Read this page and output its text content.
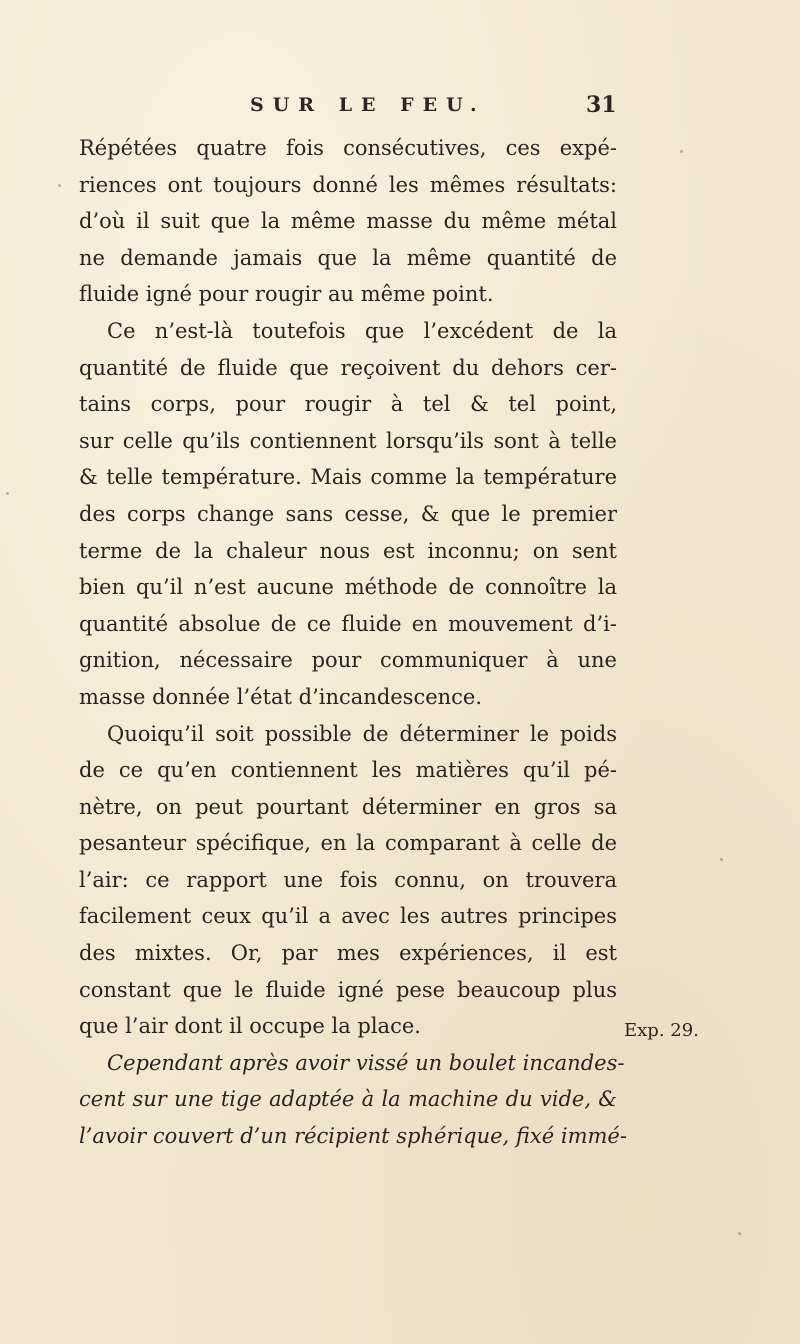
SUR LE FEU.	31
Répétées quatre fois consécutives, ces expé-
riences ont toujours donné les mêmes résultats:
d’où il suit que la même masse du même métal
ne demande jamais que la même quantité de
fluide igné pour rougir au même point.
Ce n’est-là toutefois que l’excédent de la
quantité de fluide que reçoivent du dehors cer-
tains corps, pour rougir à tel & tel point,
sur celle qu’ils contiennent lorsqu’ils sont à telle
& telle température. Mais comme la température
des corps change sans cesse, & que le premier
terme de la chaleur nous est inconnu; on sent
bien qu’il n’est aucune méthode de connoître la
quantité absolue de ce fluide en mouvement d’i-
gnition, nécessaire pour communiquer à une
masse donnée l’état d’incandescence.
Quoiqu’il soit possible de déterminer le poids
de ce qu’en contiennent les matières qu’il pé-
nètre, on peut pourtant déterminer en gros sa
pesanteur spécifique, en la comparant à celle de
l’air: ce rapport une fois connu, on trouvera
facilement ceux qu’il a avec les autres principes
des mixtes. Or, par mes expériences, il est
constant que le fluide igné pese beaucoup plus
que l’air dont il occupe la place.
Cependant après avoir vissé un boulet incandes-
cent sur une tige adaptée à la machine du vide, &
l’avoir couvert d’un récipient sphérique, fixé immé-
Exp. 29.
